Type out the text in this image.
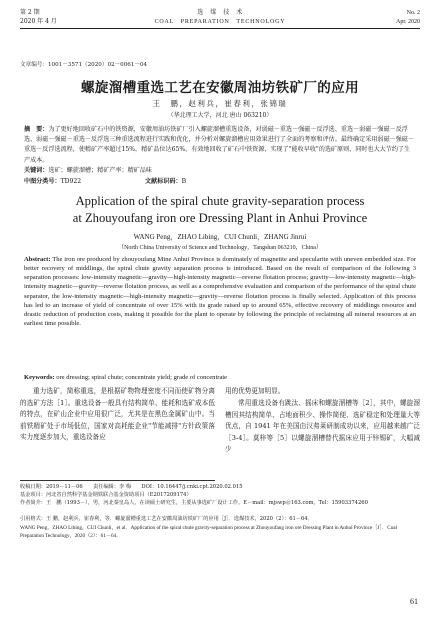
第 2 期
2020 年 4 月
选　煤　技　术
COAL　PREPARATION　TECHNOLOGY
No. 2
Apr. 2020
文章编号：1001－3571（2020）02－0061－04
螺旋溜槽重选工艺在安徽周油坊铁矿厂的应用
王　鹏，赵利兵，崔春利，张锦瑞
（华北理工大学，河北 唐山 063210）
摘　要：为了更好地回收矿石中的铁资源，安徽周油坊铁矿厂引入螺旋溜槽重选设备，对弱磁－重选－强磁－反浮选、重选－弱磁－强磁－反浮选、弱磁－强磁－重选－反浮选三种重选流程进行实践和优化，并分析对螺旋溜槽应用效果进行了全面的考察和评估。最终确定采用弱磁－强磁－重选－反浮选流程，使精矿产率超过15%，精矿品位达65%，有效地回收了矿石中铁资源，实现了"能收早收"的选矿原则，同时也大大节约了生产成本。
关键词：选矿；螺旋溜槽；精矿产率；精矿品味
中图分类号：TD922	文献标识码：B
Application of the spiral chute gravity-separation process
at Zhouyoufang iron ore Dressing Plant in Anhui Province
WANG Peng，ZHAO Libing，CUI Chunli，ZHANG Jinrui
（North China University of Science and Technology，Tangshan 063210，China）
Abstract: The iron ore produced by zhouyoufang Mine Anhui Province is dominately of magnetite and specularite with uneven embedded size. For better recovery of middlings, the spiral chute gravity separation process is introduced. Based on the result of comparison of the following 3 separation processes: low-intensity magnetic—gravity—high-intensity magnetic—reverse flotation process; gravity—low-intensity magnetic—high-intensity magnetic—gravity—reverse flotation process, as well as a comprehensive evaluation and comparison of the performance of the spiral chute separator, the low-intensity magnetic—high-intensity magnetic—gravity—reverse flotation process is finally selected. Application of this process has led to an increase of yield of concentrate of over 15% with its grade raised up to around 65%, effective recovery of middlings resource and drastic reduction of production costs, making it possible for the plant to operate by following the principle of reclaiming all mineral resources at an earliest time possible.
Keywords: ore dressing; spiral chute; concentrate yield; grade of concentrate
重力选矿，简称重选，是根据矿物物理密度不同而使矿物分离的选矿方法［1］。重选设备一般具有结构简单、能耗和选矿成本低的特点，在矿山企业中应用很广泛，尤其是在黑色金属矿山中。当前铁精矿处于市场低位，国家对高耗能企业"节能减排"方针政策落实力度逐步加大，重选设备应
用的优势更加明显。
常用重选设备有跳汰、摇床和螺旋溜槽等［2］，其中，螺旋溜槽因其结构简单、占地面积少、操作简便、选矿稳定和处理量大等优点，自 1941 年在美国由汉弗莱研制成功以来，应用越来越广泛［3-4］。莫梓等［5］以螺旋溜槽替代摇床应用于锌锡矿，大幅减少
收稿日期：2019－11－06　　责任编辑：李 梅　　DOI：10.16447/j.cnki.cpt.2020.02.015
基金项目：河北省自然科学基金钢铁联合基金资助项目（E2017209174）
作者简介：王　鹏（1993－），男，河北秦皇岛人，在读硕士研究生，主要从事选矿厂设计工作。E－mail：mjswp＠163.com，Tel：15903374260
引用格式：王 鹏，赵利兵，崔春利，等．螺旋溜槽重选工艺在安徽周油坊铁矿厂的应用［J］．选煤技术，2020（2）：61－64．
WANG Peng，ZHAO Libing，CUI Chunli，et al．Application of the spiral chute gravity-separation process at Zhouyoufang iron ore Dressing Plant in Anhui Province［J］．Coal Preparation Technology，2020（2）：61－64．
61
